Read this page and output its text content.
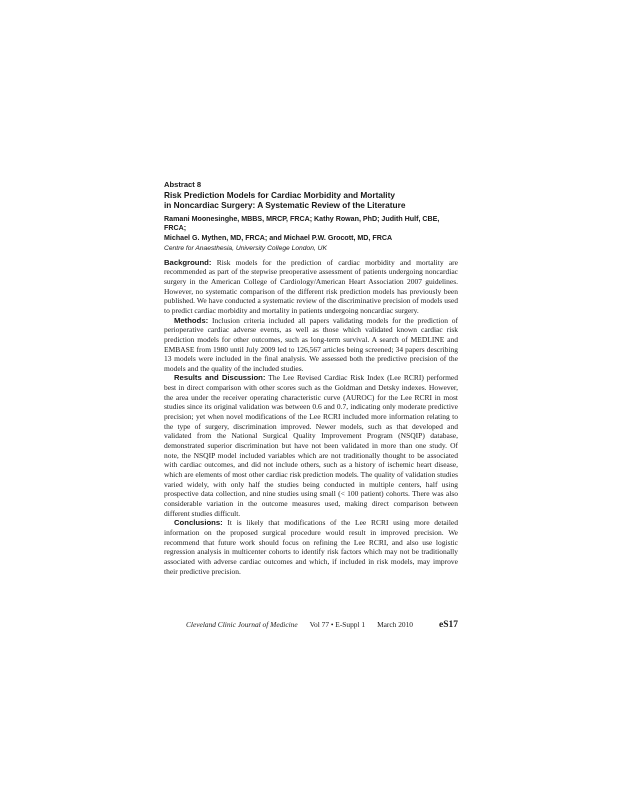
Abstract 8

Risk Prediction Models for Cardiac Morbidity and Mortality
in Noncardiac Surgery: A Systematic Review of the Literature
Ramani Moonesinghe, MBBS, MRCP, FRCA; Kathy Rowan, PhD; Judith Hulf, CBE, FRCA;
Michael G. Mythen, MD, FRCA; and Michael P.W. Grocott, MD, FRCA

Centre for Anaesthesia, University College London, UK

Background: Risk models for the prediction of cardiac morbidity and mortality are recommended as part of the stepwise preoperative assessment of patients undergoing noncardiac surgery in the American College of Cardiology/American Heart Association 2007 guidelines. However, no systematic comparison of the different risk prediction models has previously been published. We have conducted a systematic review of the discriminative precision of models used to predict cardiac morbidity and mortality in patients undergoing noncardiac surgery.

Methods: Inclusion criteria included all papers validating models for the prediction of perioperative cardiac adverse events, as well as those which validated known cardiac risk prediction models for other outcomes, such as long-term survival. A search of MEDLINE and EMBASE from 1980 until July 2009 led to 126,567 articles being screened; 34 papers describing 13 models were included in the final analysis. We assessed both the predictive precision of the models and the quality of the included studies.

Results and Discussion: The Lee Revised Cardiac Risk Index (Lee RCRI) performed best in direct comparison with other scores such as the Goldman and Detsky indexes. However, the area under the receiver operating characteristic curve (AUROC) for the Lee RCRI in most studies since its original validation was between 0.6 and 0.7, indicating only moderate predictive precision; yet when novel modifications of the Lee RCRI included more information relating to the type of surgery, discrimination improved. Newer models, such as that developed and validated from the National Surgical Quality Improvement Program (NSQIP) database, demonstrated superior discrimination but have not been validated in more than one study. Of note, the NSQIP model included variables which are not traditionally thought to be associated with cardiac outcomes, and did not include others, such as a history of ischemic heart disease, which are elements of most other cardiac risk prediction models. The quality of validation studies varied widely, with only half the studies being conducted in multiple centers, half using prospective data collection, and nine studies using small (< 100 patient) cohorts. There was also considerable variation in the outcome measures used, making direct comparison between different studies difficult.

Conclusions: It is likely that modifications of the Lee RCRI using more detailed information on the proposed surgical procedure would result in improved precision. We recommend that future work should focus on refining the Lee RCRI, and also use logistic regression analysis in multicenter cohorts to identify risk factors which may not be traditionally associated with adverse cardiac outcomes and which, if included in risk models, may improve their predictive precision.

Cleveland Clinic Journal of Medicine Vol 77 • E-Suppl 1 March 2010	eS17
